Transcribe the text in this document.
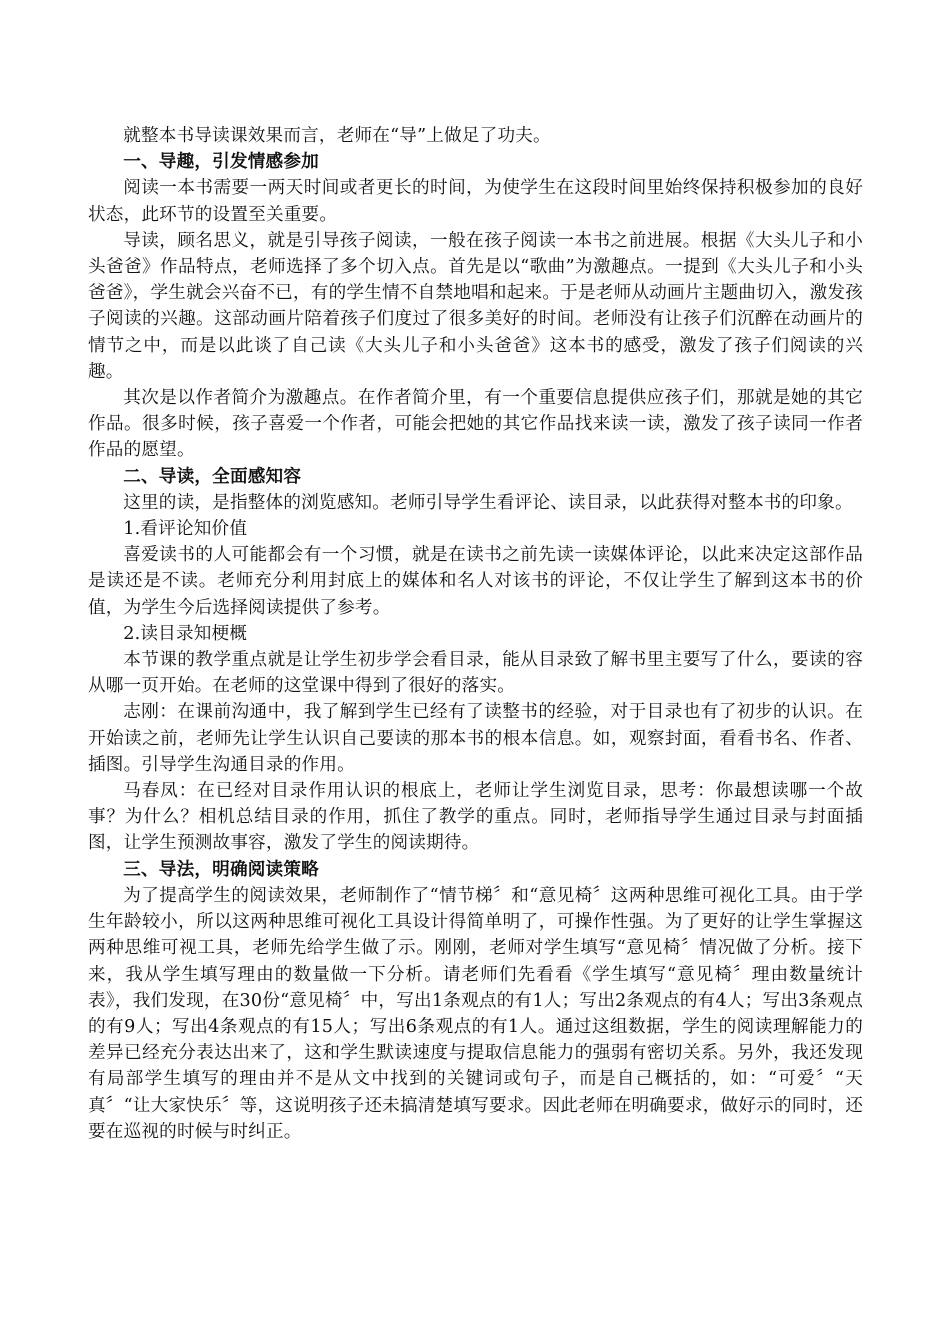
就整本书导读课效果而言，老师在“导”上做足了功夫。

一、导趣，引发情感参加

阅读一本书需要一两天时间或者更长的时间，为使学生在这段时间里始终保持积极参加的良好状态，此环节的设置至关重要。

导读，顾名思义，就是引导孩子阅读，一般在孩子阅读一本书之前进展。根据《大头儿子和小头爸爸》作品特点，老师选择了多个切入点。首先是以“歌曲”为激趣点。一提到《大头儿子和小头爸爸》，学生就会兴奋不已，有的学生情不自禁地唱和起来。于是老师从动画片主题曲切入，激发孩子阅读的兴趣。这部动画片陪着孩子们度过了很多美好的时间。老师没有让孩子们沉醉在动画片的情节之中，而是以此谈了自己读《大头儿子和小头爸爸》这本书的感受，激发了孩子们阅读的兴趣。

其次是以作者简介为激趣点。在作者简介里，有一个重要信息提供应孩子们，那就是她的其它作品。很多时候，孩子喜爱一个作者，可能会把她的其它作品找来读一读，激发了孩子读同一作者作品的愿望。

二、导读，全面感知容

这里的读，是指整体的浏览感知。老师引导学生看评论、读目录，以此获得对整本书的印象。

1.看评论知价值

喜爱读书的人可能都会有一个习惯，就是在读书之前先读一读媒体评论，以此来决定这部作品是读还是不读。老师充分利用封底上的媒体和名人对该书的评论，不仅让学生了解到这本书的价值，为学生今后选择阅读提供了参考。

2.读目录知梗概

本节课的教学重点就是让学生初步学会看目录，能从目录致了解书里主要写了什么，要读的容从哪一页开始。在老师的这堂课中得到了很好的落实。

志刚：在课前沟通中，我了解到学生已经有了读整书的经验，对于目录也有了初步的认识。在开始读之前，老师先让学生认识自己要读的那本书的根本信息。如，观察封面，看看书名、作者、插图。引导学生沟通目录的作用。

马春凤：在已经对目录作用认识的根底上，老师让学生浏览目录，思考：你最想读哪一个故事？为什么？相机总结目录的作用，抓住了教学的重点。同时，老师指导学生通过目录与封面插图，让学生预测故事容，激发了学生的阅读期待。

三、导法，明确阅读策略

为了提高学生的阅读效果，老师制作了“情节梯〞和“意见椅〞这两种思维可视化工具。由于学生年龄较小，所以这两种思维可视化工具设计得简单明了，可操作性强。为了更好的让学生掌握这两种思维可视工具，老师先给学生做了示。刚刚，老师对学生填写“意见椅〞情况做了分析。接下来，我从学生填写理由的数量做一下分析。请老师们先看看《学生填写“意见椅〞理由数量统计表》，我们发现，在30份“意见椅〞中，写出1条观点的有1人；写出2条观点的有4人；写出3条观点的有9人；写出4条观点的有15人；写出6条观点的有1人。通过这组数据，学生的阅读理解能力的差异已经充分表达出来了，这和学生默读速度与提取信息能力的强弱有密切关系。另外，我还发现有局部学生填写的理由并不是从文中找到的关键词或句子，而是自己概括的，如：“可爱〞“天真〞“让大家快乐〞等，这说明孩子还未搞清楚填写要求。因此老师在明确要求，做好示的同时，还要在巡视的时候与时纠正。
